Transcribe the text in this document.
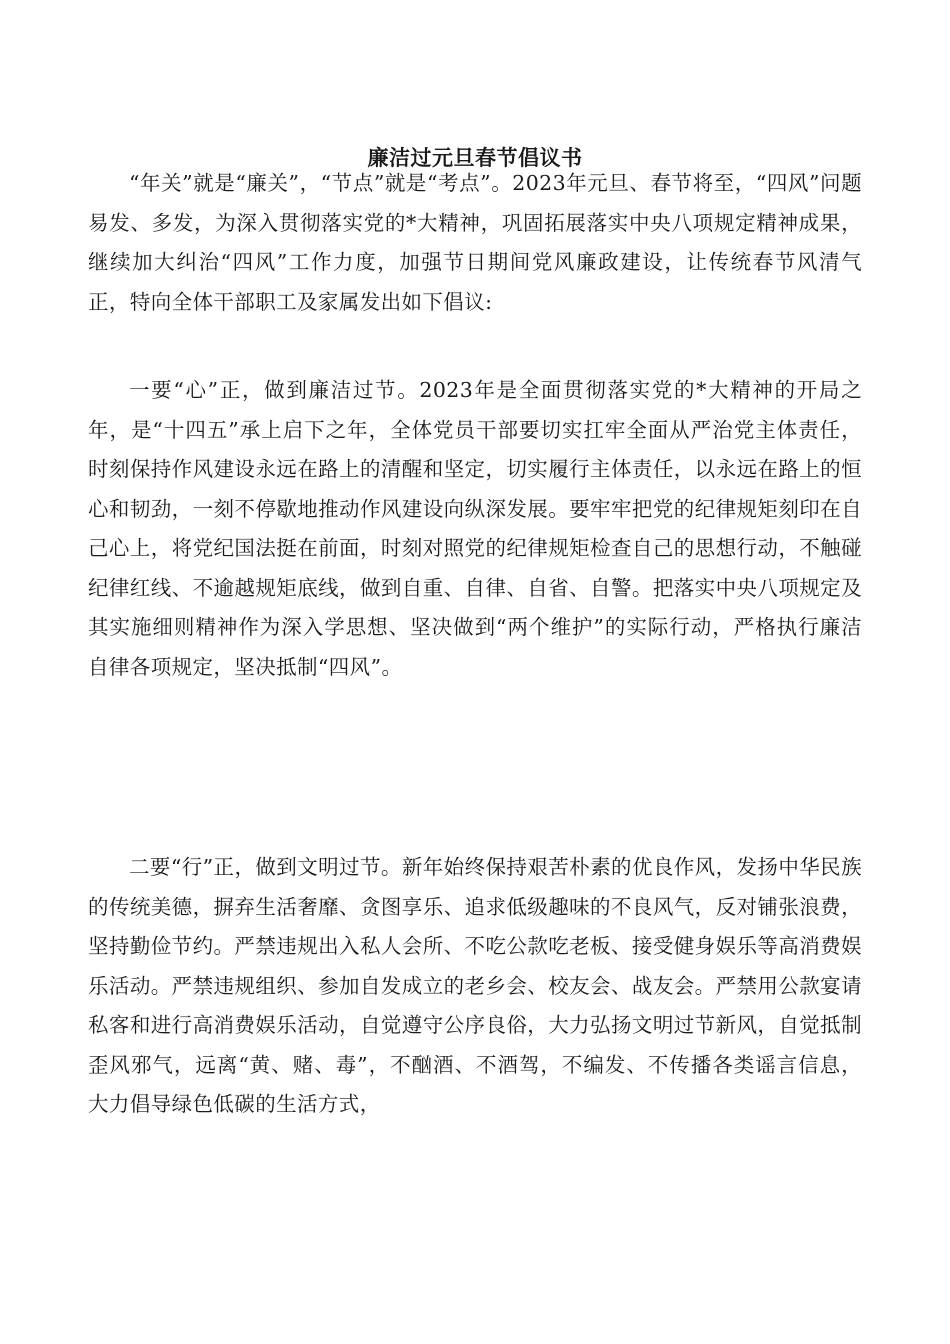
廉洁过元旦春节倡议书

“年关”就是“廉关”，“节点”就是“考点”。2023年元旦、春节将至，“四风”问题易发、多发，为深入贯彻落实党的*大精神，巩固拓展落实中央八项规定精神成果，继续加大纠治“四风”工作力度，加强节日期间党风廉政建设，让传统春节风清气正，特向全体干部职工及家属发出如下倡议:

一要“心”正，做到廉洁过节。2023年是全面贯彻落实党的*大精神的开局之年，是“十四五”承上启下之年，全体党员干部要切实扛牢全面从严治党主体责任，时刻保持作风建设永远在路上的清醒和坚定，切实履行主体责任，以永远在路上的恒心和韧劲，一刻不停歇地推动作风建设向纵深发展。要牢牢把党的纪律规矩刻印在自己心上，将党纪国法挺在前面，时刻对照党的纪律规矩检查自己的思想行动，不触碰纪律红线、不逾越规矩底线，做到自重、自律、自省、自警。把落实中央八项规定及其实施细则精神作为深入学思想、坚决做到“两个维护”的实际行动，严格执行廉洁自律各项规定，坚决抵制“四风”。

二要“行”正，做到文明过节。新年始终保持艰苦朴素的优良作风，发扬中华民族的传统美德，摒弃生活奢靡、贪图享乐、追求低级趣味的不良风气，反对铺张浪费，坚持勤俭节约。严禁违规出入私人会所、不吃公款吃老板、接受健身娱乐等高消费娱乐活动。严禁违规组织、参加自发成立的老乡会、校友会、战友会。严禁用公款宴请私客和进行高消费娱乐活动，自觉遵守公序良俗，大力弘扬文明过节新风，自觉抵制歪风邪气，远离“黄、赌、毒”，不酗酒、不酒驾，不编发、不传播各类谣言信息，大力倡导绿色低碳的生活方式，
